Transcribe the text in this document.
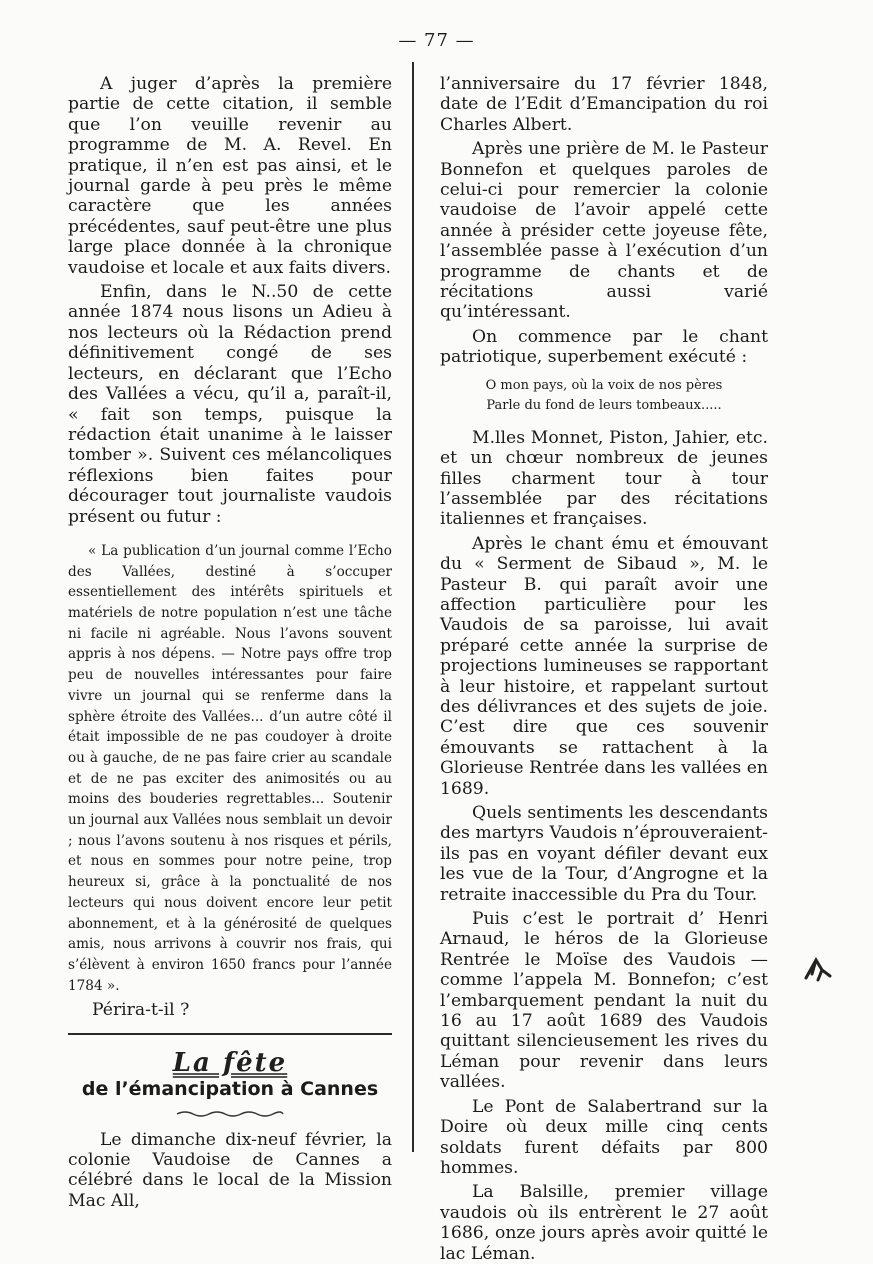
— 77 —

A juger d’après la première partie de cette citation, il semble que l’on veuille revenir au programme de M. A. Revel. En pratique, il n’en est pas ainsi, et le journal garde à peu près le même caractère que les années précédentes, sauf peut-être une plus large place donnée à la chronique vaudoise et locale et aux faits divers.

Enfin, dans le N..50 de cette année 1874 nous lisons un Adieu à nos lecteurs où la Rédaction prend définitivement congé de ses lecteurs, en déclarant que l’Echo des Vallées a vécu, qu’il a, paraît-il, « fait son temps, puisque la rédaction était unanime à le laisser tomber ». Suivent ces mélancoliques réflexions bien faites pour décourager tout journaliste vaudois présent ou futur :

« La publication d’un journal comme l’Echo des Vallées, destiné à s’occuper essentiellement des intérêts spirituels et matériels de notre population n’est une tâche ni facile ni agréable. Nous l’avons souvent appris à nos dépens. — Notre pays offre trop peu de nouvelles intéressantes pour faire vivre un journal qui se renferme dans la sphère étroite des Vallées... d’un autre côté il était impossible de ne pas coudoyer à droite ou à gauche, de ne pas faire crier au scandale et de ne pas exciter des animosités ou au moins des bouderies regrettables... Soutenir un journal aux Vallées nous semblait un devoir ; nous l’avons soutenu à nos risques et périls, et nous en sommes pour notre peine, trop heureux si, grâce à la ponctualité de nos lecteurs qui nous doivent encore leur petit abonnement, et à la générosité de quelques amis, nous arrivons à couvrir nos frais, qui s’élèvent à environ 1650 francs pour l’année 1784 ».

Périra-t-il ?

La fête
de l’émancipation à Cannes

Le dimanche dix-neuf février, la colonie Vaudoise de Cannes a célébré dans le local de la Mission Mac All,

l’anniversaire du 17 février 1848, date de l’Edit d’Emancipation du roi Charles Albert.

Après une prière de M. le Pasteur Bonnefon et quelques paroles de celui-ci pour remercier la colonie vaudoise de l’avoir appelé cette année à présider cette joyeuse fête, l’assemblée passe à l’exécution d’un programme de chants et de récitations aussi varié qu’intéressant.

On commence par le chant patriotique, superbement exécuté :

O mon pays, où la voix de nos pères
Parle du fond de leurs tombeaux.....

M.lles Monnet, Piston, Jahier, etc. et un chœur nombreux de jeunes filles charment tour à tour l’assemblée par des récitations italiennes et françaises.

Après le chant ému et émouvant du « Serment de Sibaud », M. le Pasteur B. qui paraît avoir une affection particulière pour les Vaudois de sa paroisse, lui avait préparé cette année la surprise de projections lumineuses se rapportant à leur histoire, et rappelant surtout des délivrances et des sujets de joie. C’est dire que ces souvenir émouvants se rattachent à la Glorieuse Rentrée dans les vallées en 1689.

Quels sentiments les descendants des martyrs Vaudois n’éprouveraient-ils pas en voyant défiler devant eux les vue de la Tour, d’Angrogne et la retraite inaccessible du Pra du Tour.

Puis c’est le portrait d’ Henri Arnaud, le héros de la Glorieuse Rentrée le Moïse des Vaudois — comme l’appela M. Bonnefon; c’est l’embarquement pendant la nuit du 16 au 17 août 1689 des Vaudois quittant silencieusement les rives du Léman pour revenir dans leurs vallées.

Le Pont de Salabertrand sur la Doire où deux mille cinq cents soldats furent défaits par 800 hommes.

La Balsille, premier village vaudois où ils entrèrent le 27 août 1686, onze jours après avoir quitté le lac Léman.
